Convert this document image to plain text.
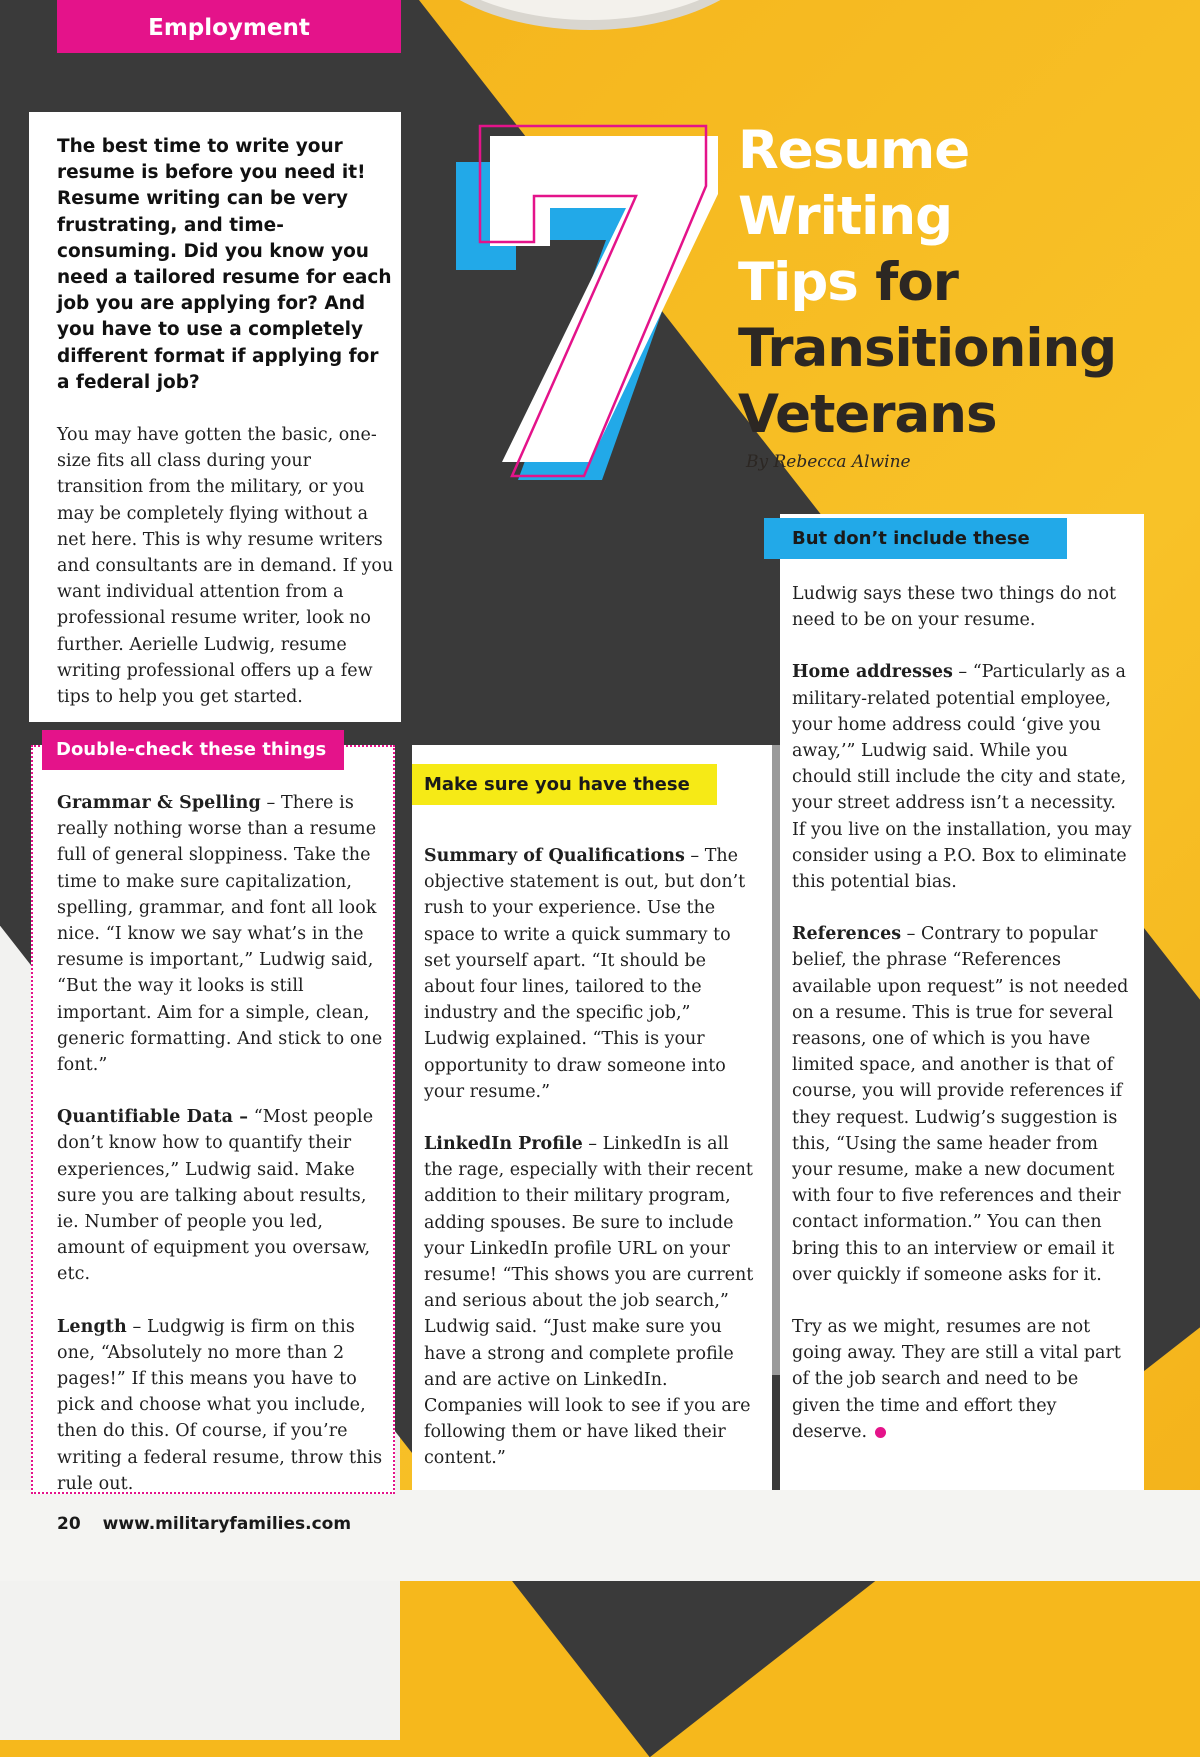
Employment

The best time to write your resume is before you need it! Resume writing can be very frustrating, and time-consuming. Did you know you need a tailored resume for each job you are applying for? And you have to use a completely different format if applying for a federal job?

You may have gotten the basic, one-size fits all class during your transition from the military, or you may be completely flying without a net here. This is why resume writers and consultants are in demand. If you want individual attention from a professional resume writer, look no further. Aerielle Ludwig, resume writing professional offers up a few tips to help you get started.

7
Resume
Writing
Tips for
Transitioning
Veterans
By Rebecca Alwine
Double-check these things

Grammar & Spelling – There is really nothing worse than a resume full of general sloppiness. Take the time to make sure capitalization, spelling, grammar, and font all look nice. “I know we say what’s in the resume is important,” Ludwig said, “But the way it looks is still important. Aim for a simple, clean, generic formatting. And stick to one font.”

Quantifiable Data – “Most people don’t know how to quantify their experiences,” Ludwig said. Make sure you are talking about results, ie. Number of people you led, amount of equipment you oversaw, etc.

Length – Ludgwig is firm on this one, “Absolutely no more than 2 pages!” If this means you have to pick and choose what you include, then do this. Of course, if you’re writing a federal resume, throw this rule out.

Make sure you have these

Summary of Qualifications – The objective statement is out, but don’t rush to your experience. Use the space to write a quick summary to set yourself apart. “It should be about four lines, tailored to the industry and the specific job,” Ludwig explained. “This is your opportunity to draw someone into your resume.”

LinkedIn Profile – LinkedIn is all the rage, especially with their recent addition to their military program, adding spouses. Be sure to include your LinkedIn profile URL on your resume! “This shows you are current and serious about the job search,” Ludwig said. “Just make sure you have a strong and complete profile and are active on LinkedIn. Companies will look to see if you are following them or have liked their content.”

But don’t include these

Ludwig says these two things do not need to be on your resume.

Home addresses – “Particularly as a military-related potential employee, your home address could ‘give you away,’” Ludwig said. While you chould still include the city and state, your street address isn’t a necessity. If you live on the installation, you may consider using a P.O. Box to eliminate this potential bias.

References – Contrary to popular belief, the phrase “References available upon request” is not needed on a resume. This is true for several reasons, one of which is you have limited space, and another is that of course, you will provide references if they request. Ludwig’s suggestion is this, “Using the same header from your resume, make a new document with four to five references and their contact information.” You can then bring this to an interview or email it over quickly if someone asks for it.

Try as we might, resumes are not going away. They are still a vital part of the job search and need to be given the time and effort they deserve.

20 www.militaryfamilies.com
